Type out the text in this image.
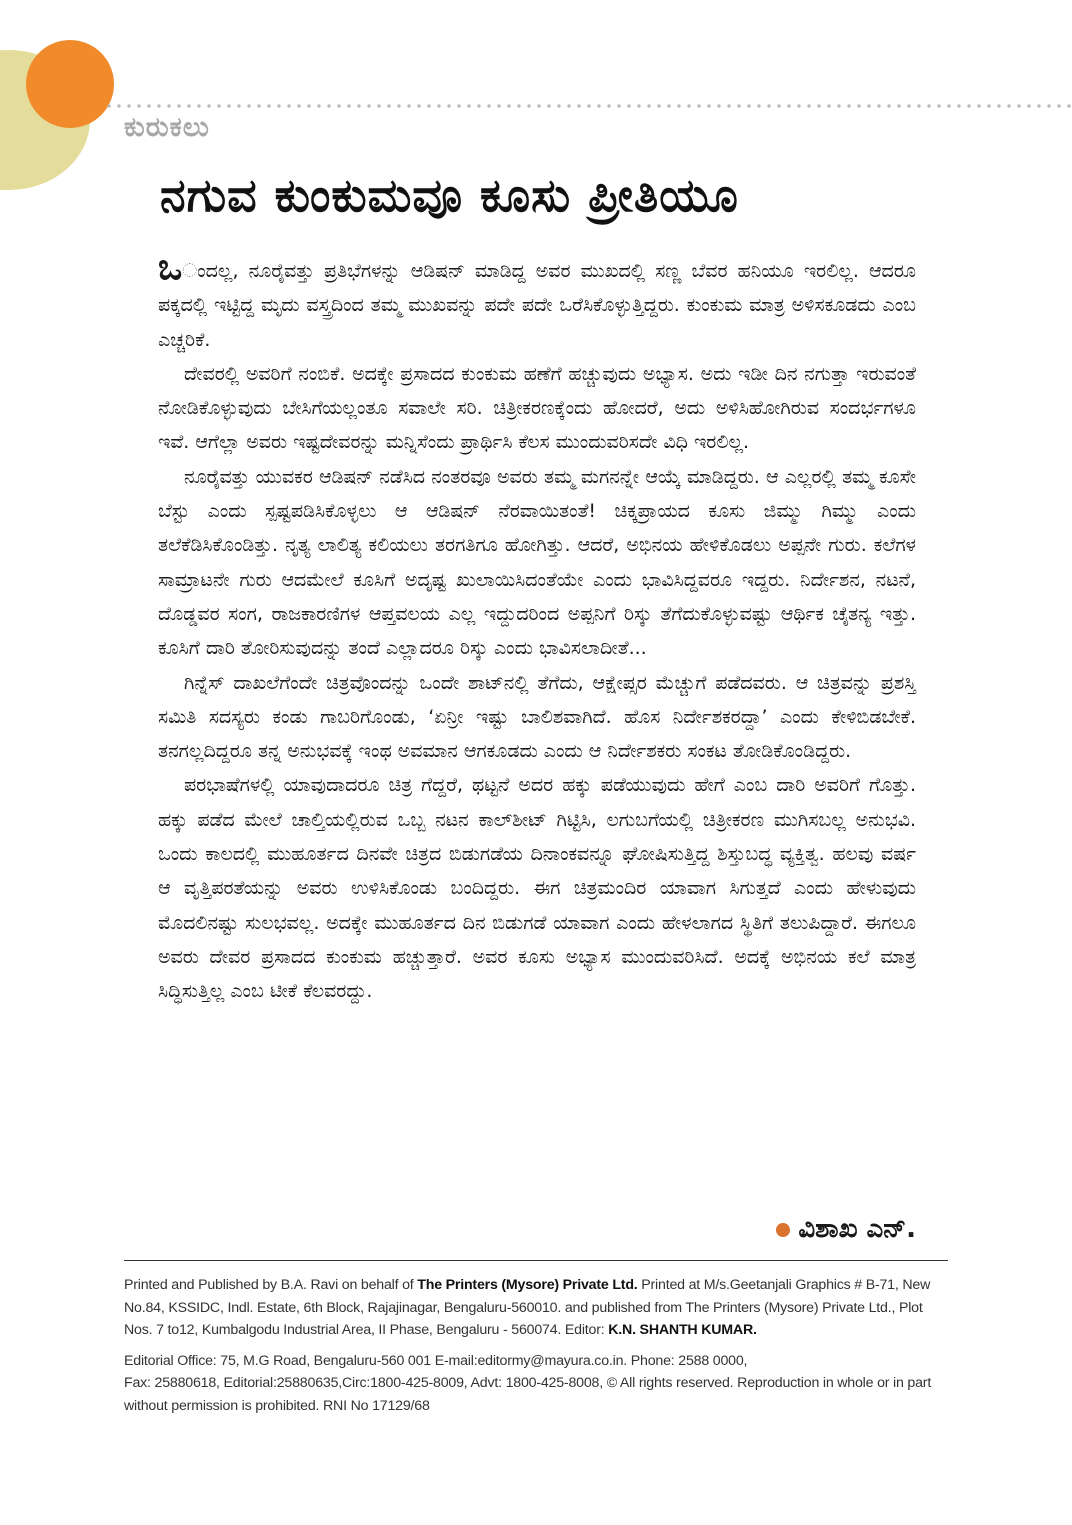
ಕುರುಕಲು
ನಗುವ ಕುಂಕುಮವೂ ಕೂಸು ಪ್ರೀತಿಯೂ

ಒಂದಲ್ಲ, ನೂರೈವತ್ತು ಪ್ರತಿಭೆಗಳನ್ನು ಆಡಿಷನ್ ಮಾಡಿದ್ದ ಅವರ ಮುಖದಲ್ಲಿ ಸಣ್ಣ ಬೆವರ ಹನಿಯೂ ಇರಲಿಲ್ಲ. ಆದರೂ ಪಕ್ಕದಲ್ಲಿ ಇಟ್ಟಿದ್ದ ಮೃದು ವಸ್ತ್ರದಿಂದ ತಮ್ಮ ಮುಖವನ್ನು ಪದೇ ಪದೇ ಒರೆಸಿಕೊಳ್ಳುತ್ತಿದ್ದರು. ಕುಂಕುಮ ಮಾತ್ರ ಅಳಿಸಕೂಡದು ಎಂಬ ಎಚ್ಚರಿಕೆ.

ದೇವರಲ್ಲಿ ಅವರಿಗೆ ನಂಬಿಕೆ. ಅದಕ್ಕೇ ಪ್ರಸಾದದ ಕುಂಕುಮ ಹಣೆಗೆ ಹಚ್ಚುವುದು ಅಭ್ಯಾಸ. ಅದು ಇಡೀ ದಿನ ನಗುತ್ತಾ ಇರುವಂತೆ ನೋಡಿಕೊಳ್ಳುವುದು ಬೇಸಿಗೆಯಲ್ಲಂತೂ ಸವಾಲೇ ಸರಿ. ಚಿತ್ರೀಕರಣಕ್ಕೆಂದು ಹೋದರೆ, ಅದು ಅಳಿಸಿಹೋಗಿರುವ ಸಂದರ್ಭಗಳೂ ಇವೆ. ಆಗೆಲ್ಲಾ ಅವರು ಇಷ್ಟದೇವರನ್ನು ಮನ್ನಿಸೆಂದು ಪ್ರಾರ್ಥಿಸಿ ಕೆಲಸ ಮುಂದುವರಿಸದೇ ವಿಧಿ ಇರಲಿಲ್ಲ.

ನೂರೈವತ್ತು ಯುವಕರ ಆಡಿಷನ್ ನಡೆಸಿದ ನಂತರವೂ ಅವರು ತಮ್ಮ ಮಗನನ್ನೇ ಆಯ್ಕೆ ಮಾಡಿದ್ದರು. ಆ ಎಲ್ಲರಲ್ಲಿ ತಮ್ಮ ಕೂಸೇ ಬೆಸ್ಟು ಎಂದು ಸ್ಪಷ್ಟಪಡಿಸಿಕೊಳ್ಳಲು ಆ ಆಡಿಷನ್ ನೆರವಾಯಿತಂತೆ! ಚಿಕ್ಕಪ್ರಾಯದ ಕೂಸು ಜಿಮ್ಮು ಗಿಮ್ಮು ಎಂದು ತಲೆಕೆಡಿಸಿಕೊಂಡಿತ್ತು. ನೃತ್ಯ ಲಾಲಿತ್ಯ ಕಲಿಯಲು ತರಗತಿಗೂ ಹೋಗಿತ್ತು. ಆದರೆ, ಅಭಿನಯ ಹೇಳಿಕೊಡಲು ಅಪ್ಪನೇ ಗುರು. ಕಲೆಗಳ ಸಾಮ್ರಾಟನೇ ಗುರು ಆದಮೇಲೆ ಕೂಸಿಗೆ ಅದೃಷ್ಟ ಖುಲಾಯಿಸಿದಂತೆಯೇ ಎಂದು ಭಾವಿಸಿದ್ದವರೂ ಇದ್ದರು. ನಿರ್ದೇಶನ, ನಟನೆ, ದೊಡ್ಡವರ ಸಂಗ, ರಾಜಕಾರಣಿಗಳ ಆಪ್ತವಲಯ ಎಲ್ಲ ಇದ್ದುದರಿಂದ ಅಪ್ಪನಿಗೆ ರಿಸ್ಕು ತೆಗೆದುಕೊಳ್ಳುವಷ್ಟು ಆರ್ಥಿಕ ಚೈತನ್ಯ ಇತ್ತು. ಕೂಸಿಗೆ ದಾರಿ ತೋರಿಸುವುದನ್ನು ತಂದೆ ಎಲ್ಲಾದರೂ ರಿಸ್ಕು ಎಂದು ಭಾವಿಸಲಾದೀತೆ...

ಗಿನ್ನೆಸ್ ದಾಖಲೆಗೆಂದೇ ಚಿತ್ರವೊಂದನ್ನು ಒಂದೇ ಶಾಟ್‌ನಲ್ಲಿ ತೆಗೆದು, ಆಕ್ಷೇಪ್ಸರ ಮೆಚ್ಚುಗೆ ಪಡೆದವರು. ಆ ಚಿತ್ರವನ್ನು ಪ್ರಶಸ್ತಿ ಸಮಿತಿ ಸದಸ್ಯರು ಕಂಡು ಗಾಬರಿಗೊಂಡು, ‘ಏನ್ರೀ ಇಷ್ಟು ಬಾಲಿಶವಾಗಿದೆ. ಹೊಸ ನಿರ್ದೇಶಕರದ್ದಾ’ ಎಂದು ಕೇಳಿಬಿಡಬೇಕೆ. ತನಗಲ್ಲದಿದ್ದರೂ ತನ್ನ ಅನುಭವಕ್ಕೆ ಇಂಥ ಅವಮಾನ ಆಗಕೂಡದು ಎಂದು ಆ ನಿರ್ದೇಶಕರು ಸಂಕಟ ತೋಡಿಕೊಂಡಿದ್ದರು.

ಪರಭಾಷೆಗಳಲ್ಲಿ ಯಾವುದಾದರೂ ಚಿತ್ರ ಗೆದ್ದರೆ, ಥಟ್ಟನೆ ಅದರ ಹಕ್ಕು ಪಡೆಯುವುದು ಹೇಗೆ ಎಂಬ ದಾರಿ ಅವರಿಗೆ ಗೊತ್ತು. ಹಕ್ಕು ಪಡೆದ ಮೇಲೆ ಚಾಲ್ತಿಯಲ್ಲಿರುವ ಒಬ್ಬ ನಟನ ಕಾಲ್‌ಶೀಟ್ ಗಿಟ್ಟಿಸಿ, ಲಗುಬಗೆಯಲ್ಲಿ ಚಿತ್ರೀಕರಣ ಮುಗಿಸಬಲ್ಲ ಅನುಭವಿ. ಒಂದು ಕಾಲದಲ್ಲಿ ಮುಹೂರ್ತದ ದಿನವೇ ಚಿತ್ರದ ಬಿಡುಗಡೆಯ ದಿನಾಂಕವನ್ನೂ ಘೋಷಿಸುತ್ತಿದ್ದ ಶಿಸ್ತುಬದ್ಧ ವ್ಯಕ್ತಿತ್ವ. ಹಲವು ವರ್ಷ ಆ ವೃತ್ತಿಪರತೆಯನ್ನು ಅವರು ಉಳಿಸಿಕೊಂಡು ಬಂದಿದ್ದರು. ಈಗ ಚಿತ್ರಮಂದಿರ ಯಾವಾಗ ಸಿಗುತ್ತದೆ ಎಂದು ಹೇಳುವುದು ಮೊದಲಿನಷ್ಟು ಸುಲಭವಲ್ಲ. ಅದಕ್ಕೇ ಮುಹೂರ್ತದ ದಿನ ಬಿಡುಗಡೆ ಯಾವಾಗ ಎಂದು ಹೇಳಲಾಗದ ಸ್ಥಿತಿಗೆ ತಲುಪಿದ್ದಾರೆ. ಈಗಲೂ ಅವರು ದೇವರ ಪ್ರಸಾದದ ಕುಂಕುಮ ಹಚ್ಚುತ್ತಾರೆ. ಅವರ ಕೂಸು ಅಭ್ಯಾಸ ಮುಂದುವರಿಸಿದೆ. ಅದಕ್ಕೆ ಅಭಿನಯ ಕಲೆ ಮಾತ್ರ ಸಿದ್ಧಿಸುತ್ತಿಲ್ಲ ಎಂಬ ಟೀಕೆ ಕೆಲವರದ್ದು.

ವಿಶಾಖ ಎನ್.

Printed and Published by B.A. Ravi on behalf of The Printers (Mysore) Private Ltd. Printed at M/s.Geetanjali Graphics # B-71, New No.84, KSSIDC, Indl. Estate, 6th Block, Rajajinagar, Bengaluru-560010. and published from The Printers (Mysore) Private Ltd., Plot Nos. 7 to12, Kumbalgodu Industrial Area, II Phase, Bengaluru - 560074. Editor: K.N. SHANTH KUMAR.

Editorial Office: 75, M.G Road, Bengaluru-560 001 E-mail:editormy@mayura.co.in. Phone: 2588 0000,

Fax: 25880618, Editorial:25880635,Circ:1800-425-8009, Advt: 1800-425-8008, © All rights reserved. Reproduction in whole or in part without permission is prohibited. RNI No 17129/68
